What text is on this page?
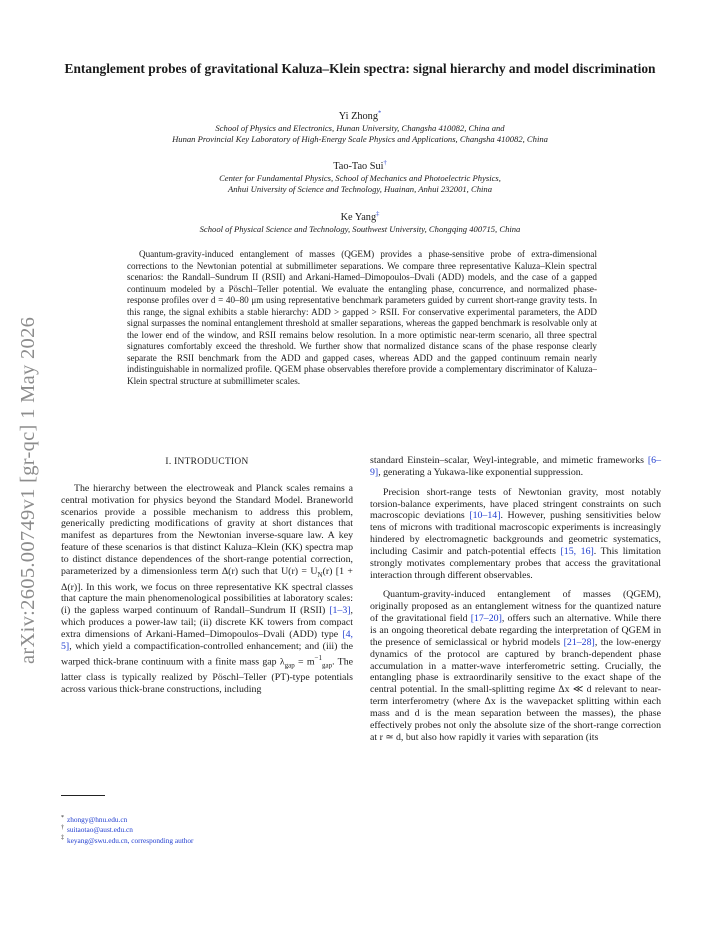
arXiv:2605.00749v1 [gr-qc] 1 May 2026
Entanglement probes of gravitational Kaluza–Klein spectra: signal hierarchy and model discrimination
Yi Zhong*
School of Physics and Electronics, Hunan University, Changsha 410082, China and
Hunan Provincial Key Laboratory of High-Energy Scale Physics and Applications, Changsha 410082, China
Tao-Tao Sui†
Center for Fundamental Physics, School of Mechanics and Photoelectric Physics,
Anhui University of Science and Technology, Huainan, Anhui 232001, China
Ke Yang‡
School of Physical Science and Technology, Southwest University, Chongqing 400715, China
Quantum-gravity-induced entanglement of masses (QGEM) provides a phase-sensitive probe of extra-dimensional corrections to the Newtonian potential at submillimeter separations. We compare three representative Kaluza–Klein spectral scenarios: the Randall–Sundrum II (RSII) and Arkani-Hamed–Dimopoulos–Dvali (ADD) models, and the case of a gapped continuum modeled by a Pöschl–Teller potential. We evaluate the entangling phase, concurrence, and normalized phase-response profiles over d = 40–80 μm using representative benchmark parameters guided by current short-range gravity tests. In this range, the signal exhibits a stable hierarchy: ADD > gapped > RSII. For conservative experimental parameters, the ADD signal surpasses the nominal entanglement threshold at smaller separations, whereas the gapped benchmark is resolvable only at the lower end of the window, and RSII remains below resolution. In a more optimistic near-term scenario, all three spectral signatures comfortably exceed the threshold. We further show that normalized distance scans of the phase response clearly separate the RSII benchmark from the ADD and gapped cases, whereas ADD and the gapped continuum remain nearly indistinguishable in normalized profile. QGEM phase observables therefore provide a complementary discriminator of Kaluza–Klein spectral structure at submillimeter scales.
I. INTRODUCTION

The hierarchy between the electroweak and Planck scales remains a central motivation for physics beyond the Standard Model. Braneworld scenarios provide a possible mechanism to address this problem, generically predicting modifications of gravity at short distances that manifest as departures from the Newtonian inverse-square law. A key feature of these scenarios is that distinct Kaluza–Klein (KK) spectra map to distinct distance dependences of the short-range potential correction, parameterized by a dimensionless term Δ(r) such that $U(r) = U_N(r) [1 + \Delta(r)]$. In this work, we focus on three representative KK spectral classes that capture the main phenomenological possibilities at laboratory scales: (i) the gapless warped continuum of Randall–Sundrum II (RSII) [1–3], which produces a power-law tail; (ii) discrete KK towers from compact extra dimensions of Arkani-Hamed–Dimopoulos–Dvali (ADD) type [4, 5], which yield a compactification-controlled enhancement; and (iii) the warped thick-brane continuum with a finite mass gap $\lambda_{gap} = m^{-1}_{gap}$. The latter class is typically realized by Pöschl–Teller (PT)-type potentials across various thick-brane constructions, including

standard Einstein–scalar, Weyl-integrable, and mimetic frameworks [6–9], generating a Yukawa-like exponential suppression.

Precision short-range tests of Newtonian gravity, most notably torsion-balance experiments, have placed stringent constraints on such macroscopic deviations [10–14]. However, pushing sensitivities below tens of microns with traditional macroscopic experiments is increasingly hindered by electromagnetic backgrounds and geometric systematics, including Casimir and patch-potential effects [15, 16]. This limitation strongly motivates complementary probes that access the gravitational interaction through different observables.

Quantum-gravity-induced entanglement of masses (QGEM), originally proposed as an entanglement witness for the quantized nature of the gravitational field [17–20], offers such an alternative. While there is an ongoing theoretical debate regarding the interpretation of QGEM in the presence of semiclassical or hybrid models [21–28], the low-energy dynamics of the protocol are captured by branch-dependent phase accumulation in a matter-wave interferometric setting. Crucially, the entangling phase is extraordinarily sensitive to the exact shape of the central potential. In the small-splitting regime Δx ≪ d relevant to near-term interferometry (where Δx is the wavepacket splitting within each mass and d is the mean separation between the masses), the phase effectively probes not only the absolute size of the short-range correction at r ≃ d, but also how rapidly it varies with separation (its

* zhongy@hnu.edu.cn
† suitaotao@aust.edu.cn
‡ keyang@swu.edu.cn, corresponding author
